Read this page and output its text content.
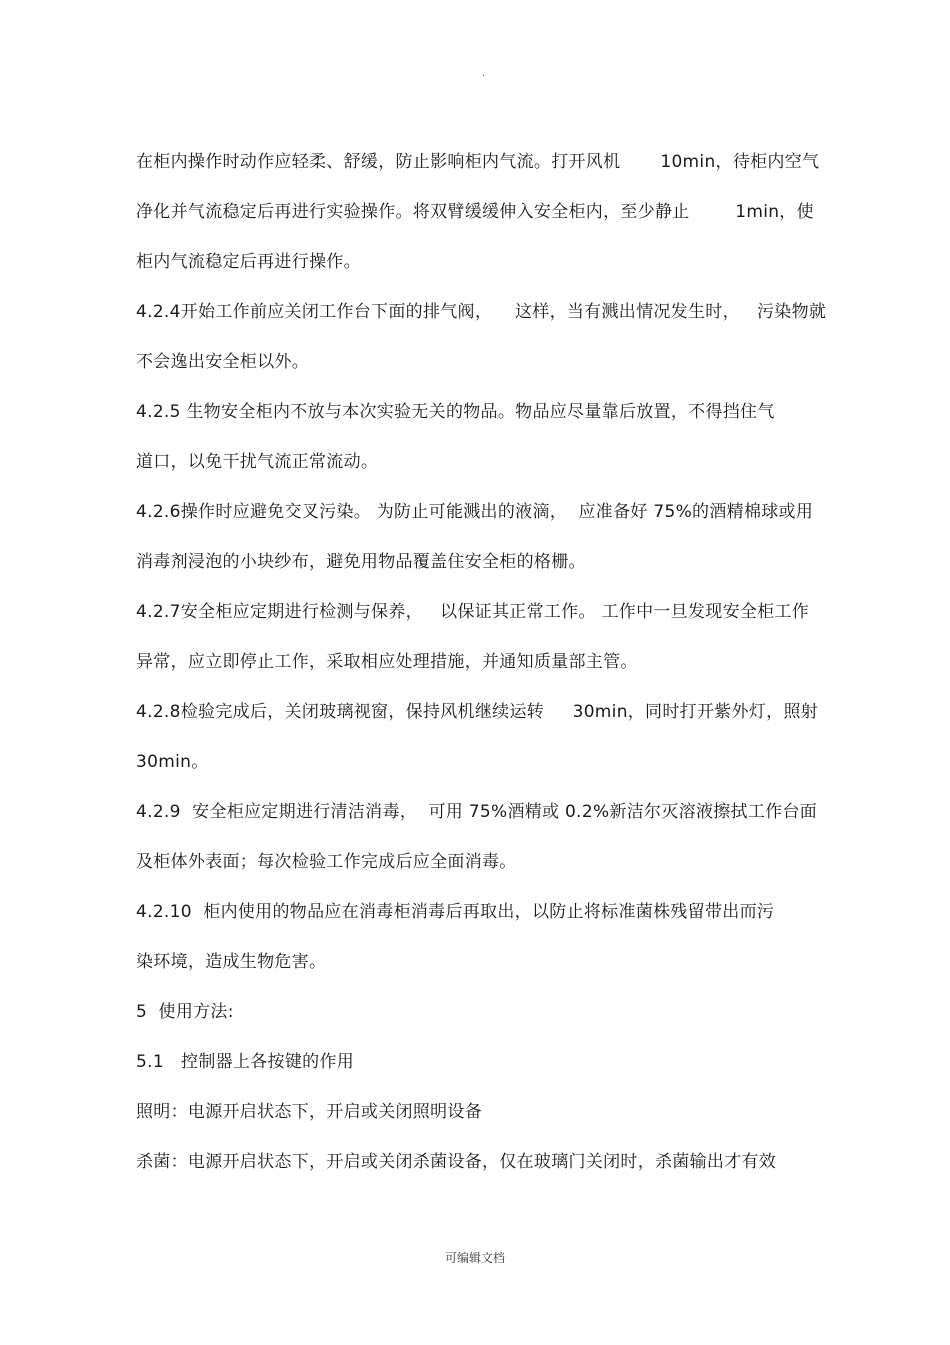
.
在柜内操作时动作应轻柔、舒缓，防止影响柜内气流。打开风机       10min，待柜内空气
净化并气流稳定后再进行实验操作。将双臂缓缓伸入安全柜内，至少静止        1min，使
柜内气流稳定后再进行操作。
4.2.4开始工作前应关闭工作台下面的排气阀，    这样，当有溅出情况发生时，   污染物就
不会逸出安全柜以外。
4.2.5 生物安全柜内不放与本次实验无关的物品。物品应尽量靠后放置，不得挡住气
道口，以免干扰气流正常流动。
4.2.6操作时应避免交叉污染。 为防止可能溅出的液滴，  应准备好 75%的酒精棉球或用
消毒剂浸泡的小块纱布，避免用物品覆盖住安全柜的格栅。
4.2.7安全柜应定期进行检测与保养，   以保证其正常工作。 工作中一旦发现安全柜工作
异常，应立即停止工作，采取相应处理措施，并通知质量部主管。
4.2.8检验完成后，关闭玻璃视窗，保持风机继续运转     30min，同时打开紫外灯，照射
30min。
4.2.9  安全柜应定期进行清洁消毒，  可用 75%酒精或 0.2%新洁尔灭溶液擦拭工作台面
及柜体外表面；每次检验工作完成后应全面消毒。
4.2.10  柜内使用的物品应在消毒柜消毒后再取出，以防止将标准菌株残留带出而污
染环境，造成生物危害。
5  使用方法:
5.1   控制器上各按键的作用
照明：电源开启状态下，开启或关闭照明设备
杀菌：电源开启状态下，开启或关闭杀菌设备，仅在玻璃门关闭时，杀菌输出才有效
可编辑文档
